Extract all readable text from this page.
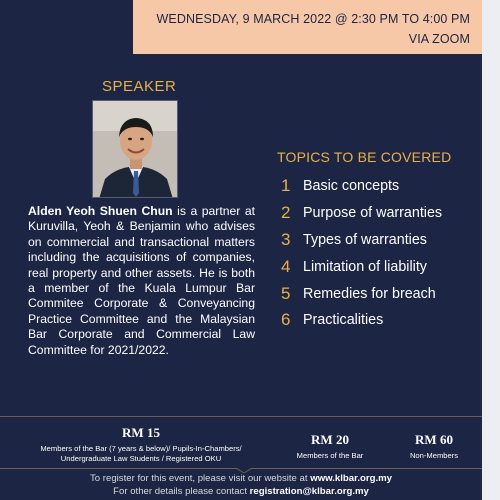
WEDNESDAY, 9 MARCH 2022 @ 2:30 PM TO 4:00 PM
VIA ZOOM
SPEAKER
Alden Yeoh Shuen Chun is a partner at Kuruvilla, Yeoh & Benjamin who advises on commercial and transactional matters including the acquisitions of companies, real property and other assets. He is both a member of the Kuala Lumpur Bar Commitee Corporate & Conveyancing Practice Committee and the Malaysian Bar Corporate and Commercial Law Committee for 2021/2022.
TOPICS TO BE COVERED
1 Basic concepts
2 Purpose of warranties
3 Types of warranties
4 Limitation of liability
5 Remedies for breach
6 Practicalities
RM 15
Members of the Bar (7 years & below)/ Pupils-In-Chambers/ Undergraduate Law Students / Registered OKU
RM 20
Members of the Bar
RM 60
Non-Members
To register for this event, please visit our website at www.klbar.org.my
For other details please contact registration@klbar.org.my
